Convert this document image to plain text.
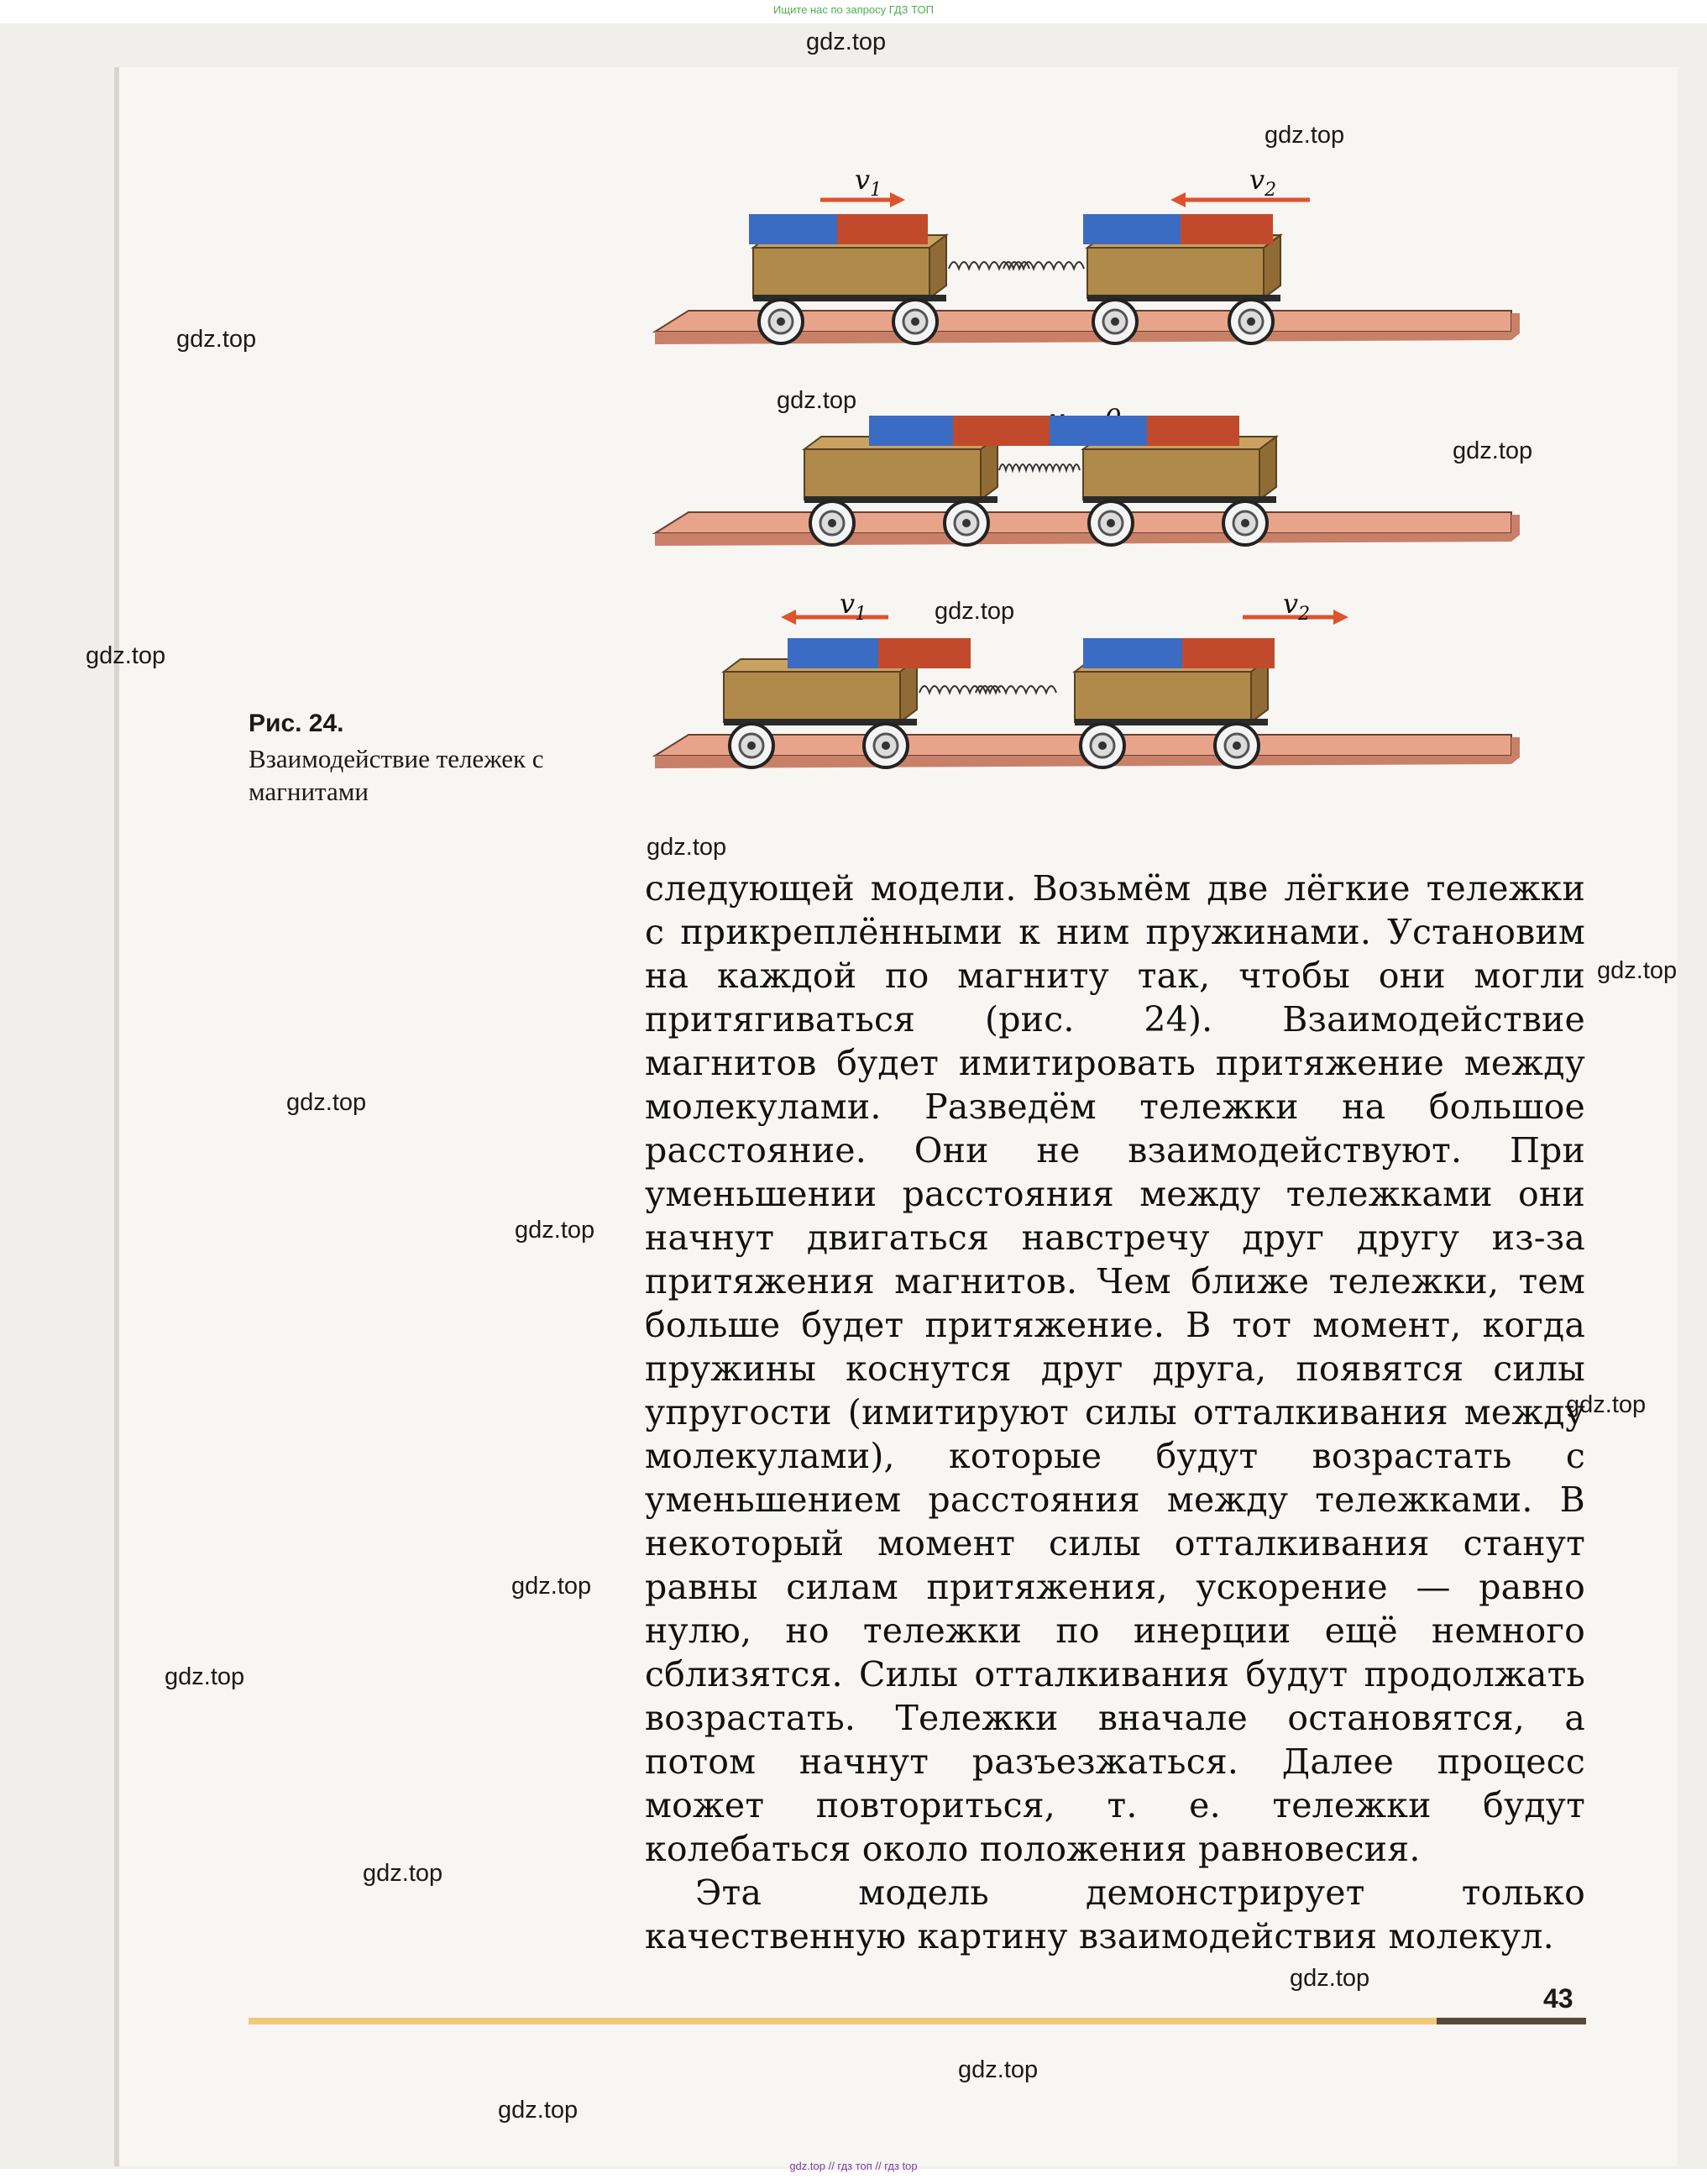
Ищите нас по запросу ГДЗ ТОП
gdz.top
gdz.top
gdz.top
gdz.top
gdz.top
gdz.top
gdz.top
gdz.top
gdz.top
gdz.top
gdz.top
gdz.top
gdz.top
gdz.top
gdz.top
gdz.top
gdz.top
gdz.top
$v_1$	$v_2$
$v_1$	$v_2$
Рис. 24.
Взаимодействие тележек с магнитами

следующей модели. Возьмём две лёгкие тележки с прикреплёнными к ним пружинами. Установим на каждой по магниту так, чтобы они могли притягиваться (рис. 24). Взаимодействие магнитов будет имитировать притяжение между молекулами. Разведём тележки на большое расстояние. Они не взаимодействуют. При уменьшении расстояния между тележками они начнут двигаться навстречу друг другу из-за притяжения магнитов. Чем ближе тележки, тем больше будет притяжение. В тот момент, когда пружины коснутся друг друга, появятся силы упругости (имитируют силы отталкивания между молекулами), которые будут возрастать с уменьшением расстояния между тележками. В некоторый момент силы отталкивания станут равны силам притяжения, ускорение — равно нулю, но тележки по инерции ещё немного сблизятся. Силы отталкивания будут продолжать возрастать. Тележки вначале остановятся, а потом начнут разъезжаться. Далее процесс может повториться, т. е. тележки будут колебаться около положения равновесия.

Эта модель демонстрирует только качественную картину взаимодействия молекул.

43
gdz.top // гдз топ // гдз top
